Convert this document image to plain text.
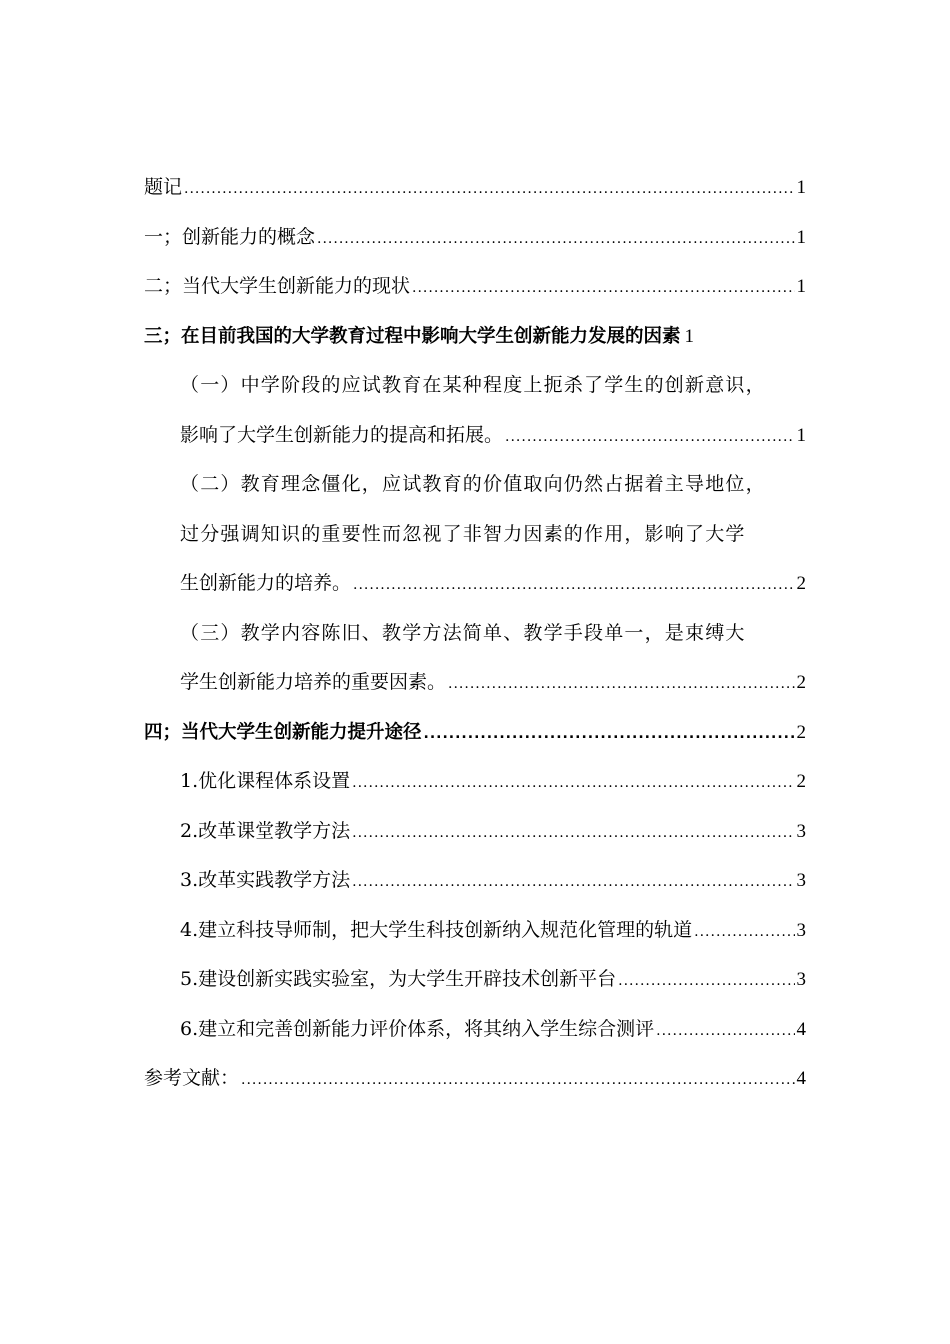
题记 .....	1
一；创新能力的概念 .....	1
二；当代大学生创新能力的现状 .....	1
三；在目前我国的大学教育过程中影响大学生创新能力发展的因素 1
（一）中学阶段的应试教育在某种程度上扼杀了学生的创新意识，
影响了大学生创新能力的提高和拓展。 .....	1
（二）教育理念僵化，应试教育的价值取向仍然占据着主导地位，
过分强调知识的重要性而忽视了非智力因素的作用，影响了大学
生创新能力的培养。 .....	2
（三）教学内容陈旧、教学方法简单、教学手段单一，是束缚大
学生创新能力培养的重要因素。 .....	2
四；当代大学生创新能力提升途径 .....	2
1.优化课程体系设置 .....	2
2.改革课堂教学方法 .....	3
3.改革实践教学方法 .....	3
4.建立科技导师制，把大学生科技创新纳入规范化管理的轨道 .....	3
5.建设创新实践实验室，为大学生开辟技术创新平台 .....	3
6.建立和完善创新能力评价体系，将其纳入学生综合测评 .....	4
参考文献： .....	4
